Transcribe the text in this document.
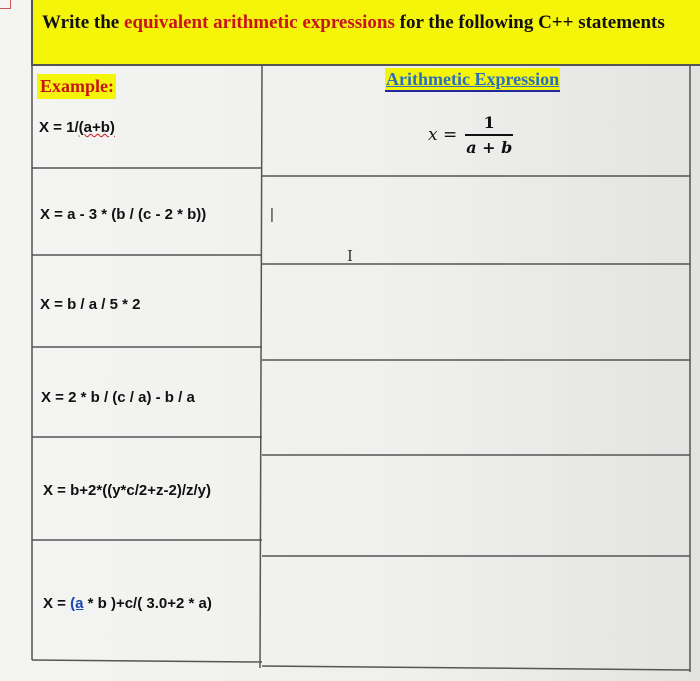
Write the equivalent arithmetic expressions for the following C++ statements
Example:	Arithmetic Expression
X = 1/(a+b)	$x = \frac{1}{a + b}$
X = a - 3 * (b / (c - 2 * b))
X = b / a / 5 * 2
X = 2 * b / (c / a) - b / a
X = b+2*((y*c/2+z-2)/z/y)
X = (a * b )+c/( 3.0+2 * a)
|
I
